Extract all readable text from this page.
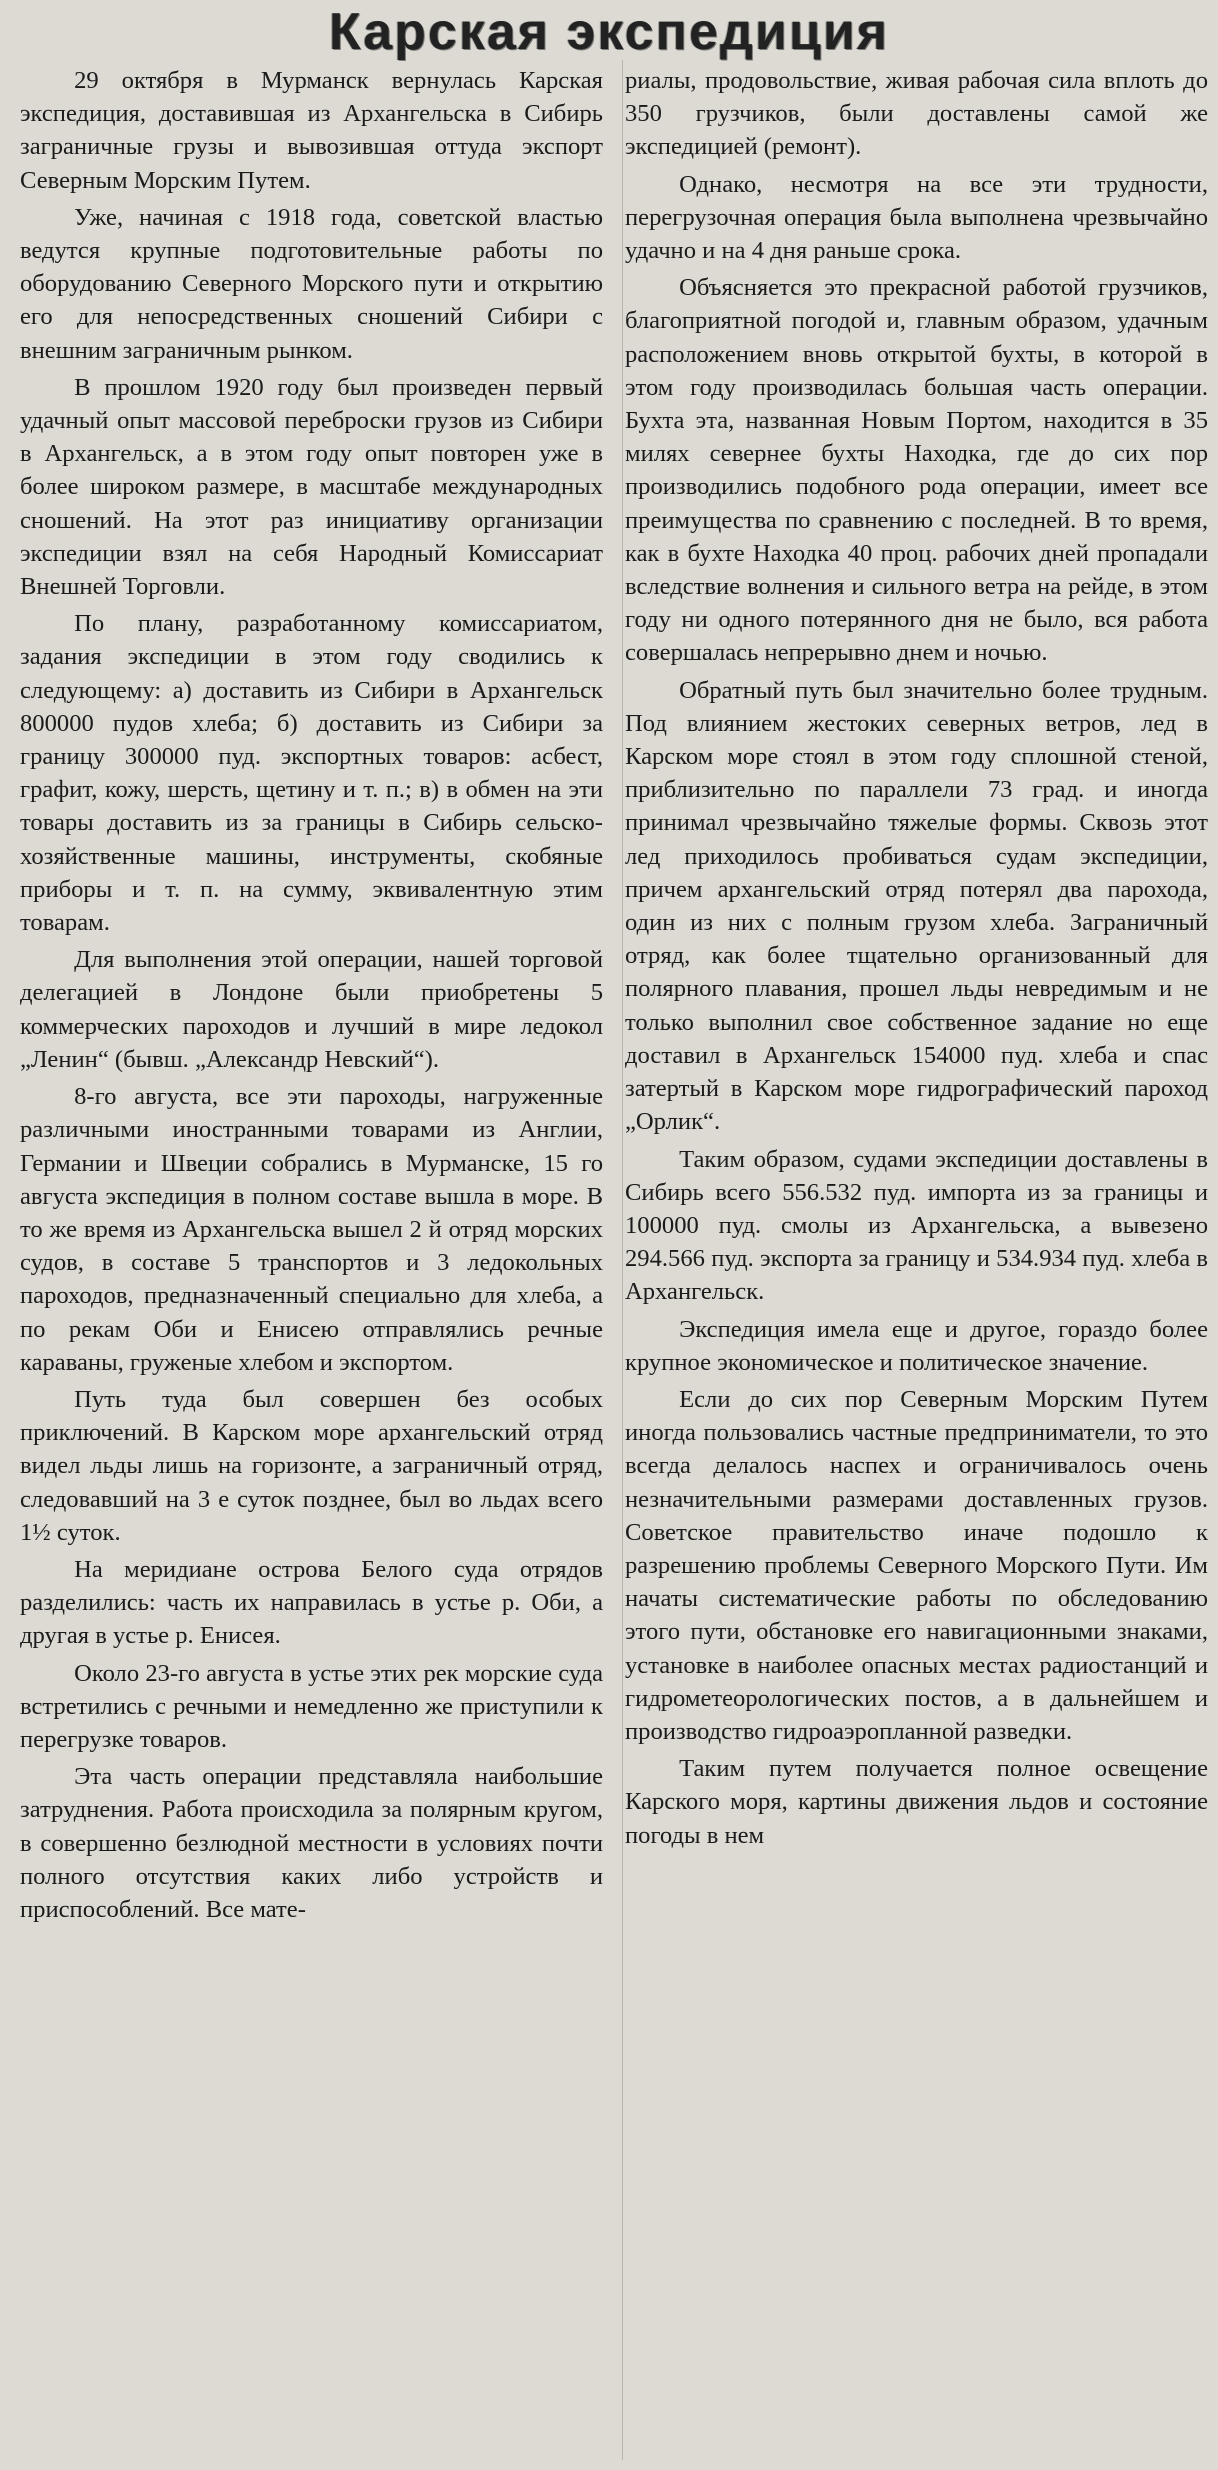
Карская экспедиция

29 октября в Мурманск вернулась Карская экспедиция, доставившая из Архангельска в Сибирь заграничные грузы и вывозившая оттуда экспорт Северным Морским Путем.

Уже, начиная с 1918 года, советской властью ведутся крупные подготовительные работы по оборудованию Северного Морского пути и открытию его для непосредственных сношений Сибири с внешним заграничным рынком.

В прошлом 1920 году был произведен первый удачный опыт массовой переброски грузов из Сибири в Архангельск, а в этом году опыт повторен уже в более широком размере, в масштабе международных сношений. На этот раз инициативу организации экспедиции взял на себя Народный Комиссариат Внешней Торговли.

По плану, разработанному комиссариатом, задания экспедиции в этом году сводились к следующему: а) доставить из Сибири в Архангельск 800000 пудов хлеба; б) доставить из Сибири за границу 300000 пуд. экспортных товаров: асбест, графит, кожу, шерсть, щетину и т. п.; в) в обмен на эти товары доставить из за границы в Сибирь сельско-хозяйственные машины, инструменты, скобяные приборы и т. п. на сумму, эквивалентную этим товарам.

Для выполнения этой операции, нашей торговой делегацией в Лондоне были приобретены 5 коммерческих пароходов и лучший в мире ледокол „Ленин“ (бывш. „Александр Невский“).

8-го августа, все эти пароходы, нагруженные различными иностранными товарами из Англии, Германии и Швеции собрались в Мурманске, 15 го августа экспедиция в полном составе вышла в море. В то же время из Архангельска вышел 2 й отряд морских судов, в составе 5 транспортов и 3 ледокольных пароходов, предназначенный специально для хлеба, а по рекам Оби и Енисею отправлялись речные караваны, груженые хлебом и экспортом.

Путь туда был совершен без особых приключений. В Карском море архангельский отряд видел льды лишь на горизонте, а заграничный отряд, следовавший на 3 е суток позднее, был во льдах всего 1½ суток.

На меридиане острова Белого суда отрядов разделились: часть их направилась в устье р. Оби, а другая в устье р. Енисея.

Около 23-го августа в устье этих рек морские суда встретились с речными и немедленно же приступили к перегрузке товаров.

Эта часть операции представляла наибольшие затруднения. Работа происходила за полярным кругом, в совершенно безлюдной местности в условиях почти полного отсутствия каких либо устройств и приспособлений. Все мате-

риалы, продовольствие, живая рабочая сила вплоть до 350 грузчиков, были доставлены самой же экспедицией (ремонт).

Однако, несмотря на все эти трудности, перегрузочная операция была выполнена чрезвычайно удачно и на 4 дня раньше срока.

Объясняется это прекрасной работой грузчиков, благоприятной погодой и, главным образом, удачным расположением вновь открытой бухты, в которой в этом году производилась большая часть операции. Бухта эта, названная Новым Портом, находится в 35 милях севернее бухты Находка, где до сих пор производились подобного рода операции, имеет все преимущества по сравнению с последней. В то время, как в бухте Находка 40 проц. рабочих дней пропадали вследствие волнения и сильного ветра на рейде, в этом году ни одного потерянного дня не было, вся работа совершалась непрерывно днем и ночью.

Обратный путь был значительно более трудным. Под влиянием жестоких северных ветров, лед в Карском море стоял в этом году сплошной стеной, приблизительно по параллели 73 град. и иногда принимал чрезвычайно тяжелые формы. Сквозь этот лед приходилось пробиваться судам экспедиции, причем архангельский отряд потерял два парохода, один из них с полным грузом хлеба. Заграничный отряд, как более тщательно организованный для полярного плавания, прошел льды невредимым и не только выполнил свое собственное задание но еще доставил в Архангельск 154000 пуд. хлеба и спас затертый в Карском море гидрографический пароход „Орлик“.

Таким образом, судами экспедиции доставлены в Сибирь всего 556.532 пуд. импорта из за границы и 100000 пуд. смолы из Архангельска, а вывезено 294.566 пуд. экспорта за границу и 534.934 пуд. хлеба в Архангельск.

Экспедиция имела еще и другое, гораздо более крупное экономическое и политическое значение.

Если до сих пор Северным Морским Путем иногда пользовались частные предприниматели, то это всегда делалось наспех и ограничивалось очень незначительными размерами доставленных грузов. Советское правительство иначе подошло к разрешению проблемы Северного Морского Пути. Им начаты систематические работы по обследованию этого пути, обстановке его навигационными знаками, установке в наиболее опасных местах радиостанций и гидрометеорологических постов, а в дальнейшем и производство гидроаэропланной разведки.

Таким путем получается полное освещение Карского моря, картины движения льдов и состояние погоды в нем
